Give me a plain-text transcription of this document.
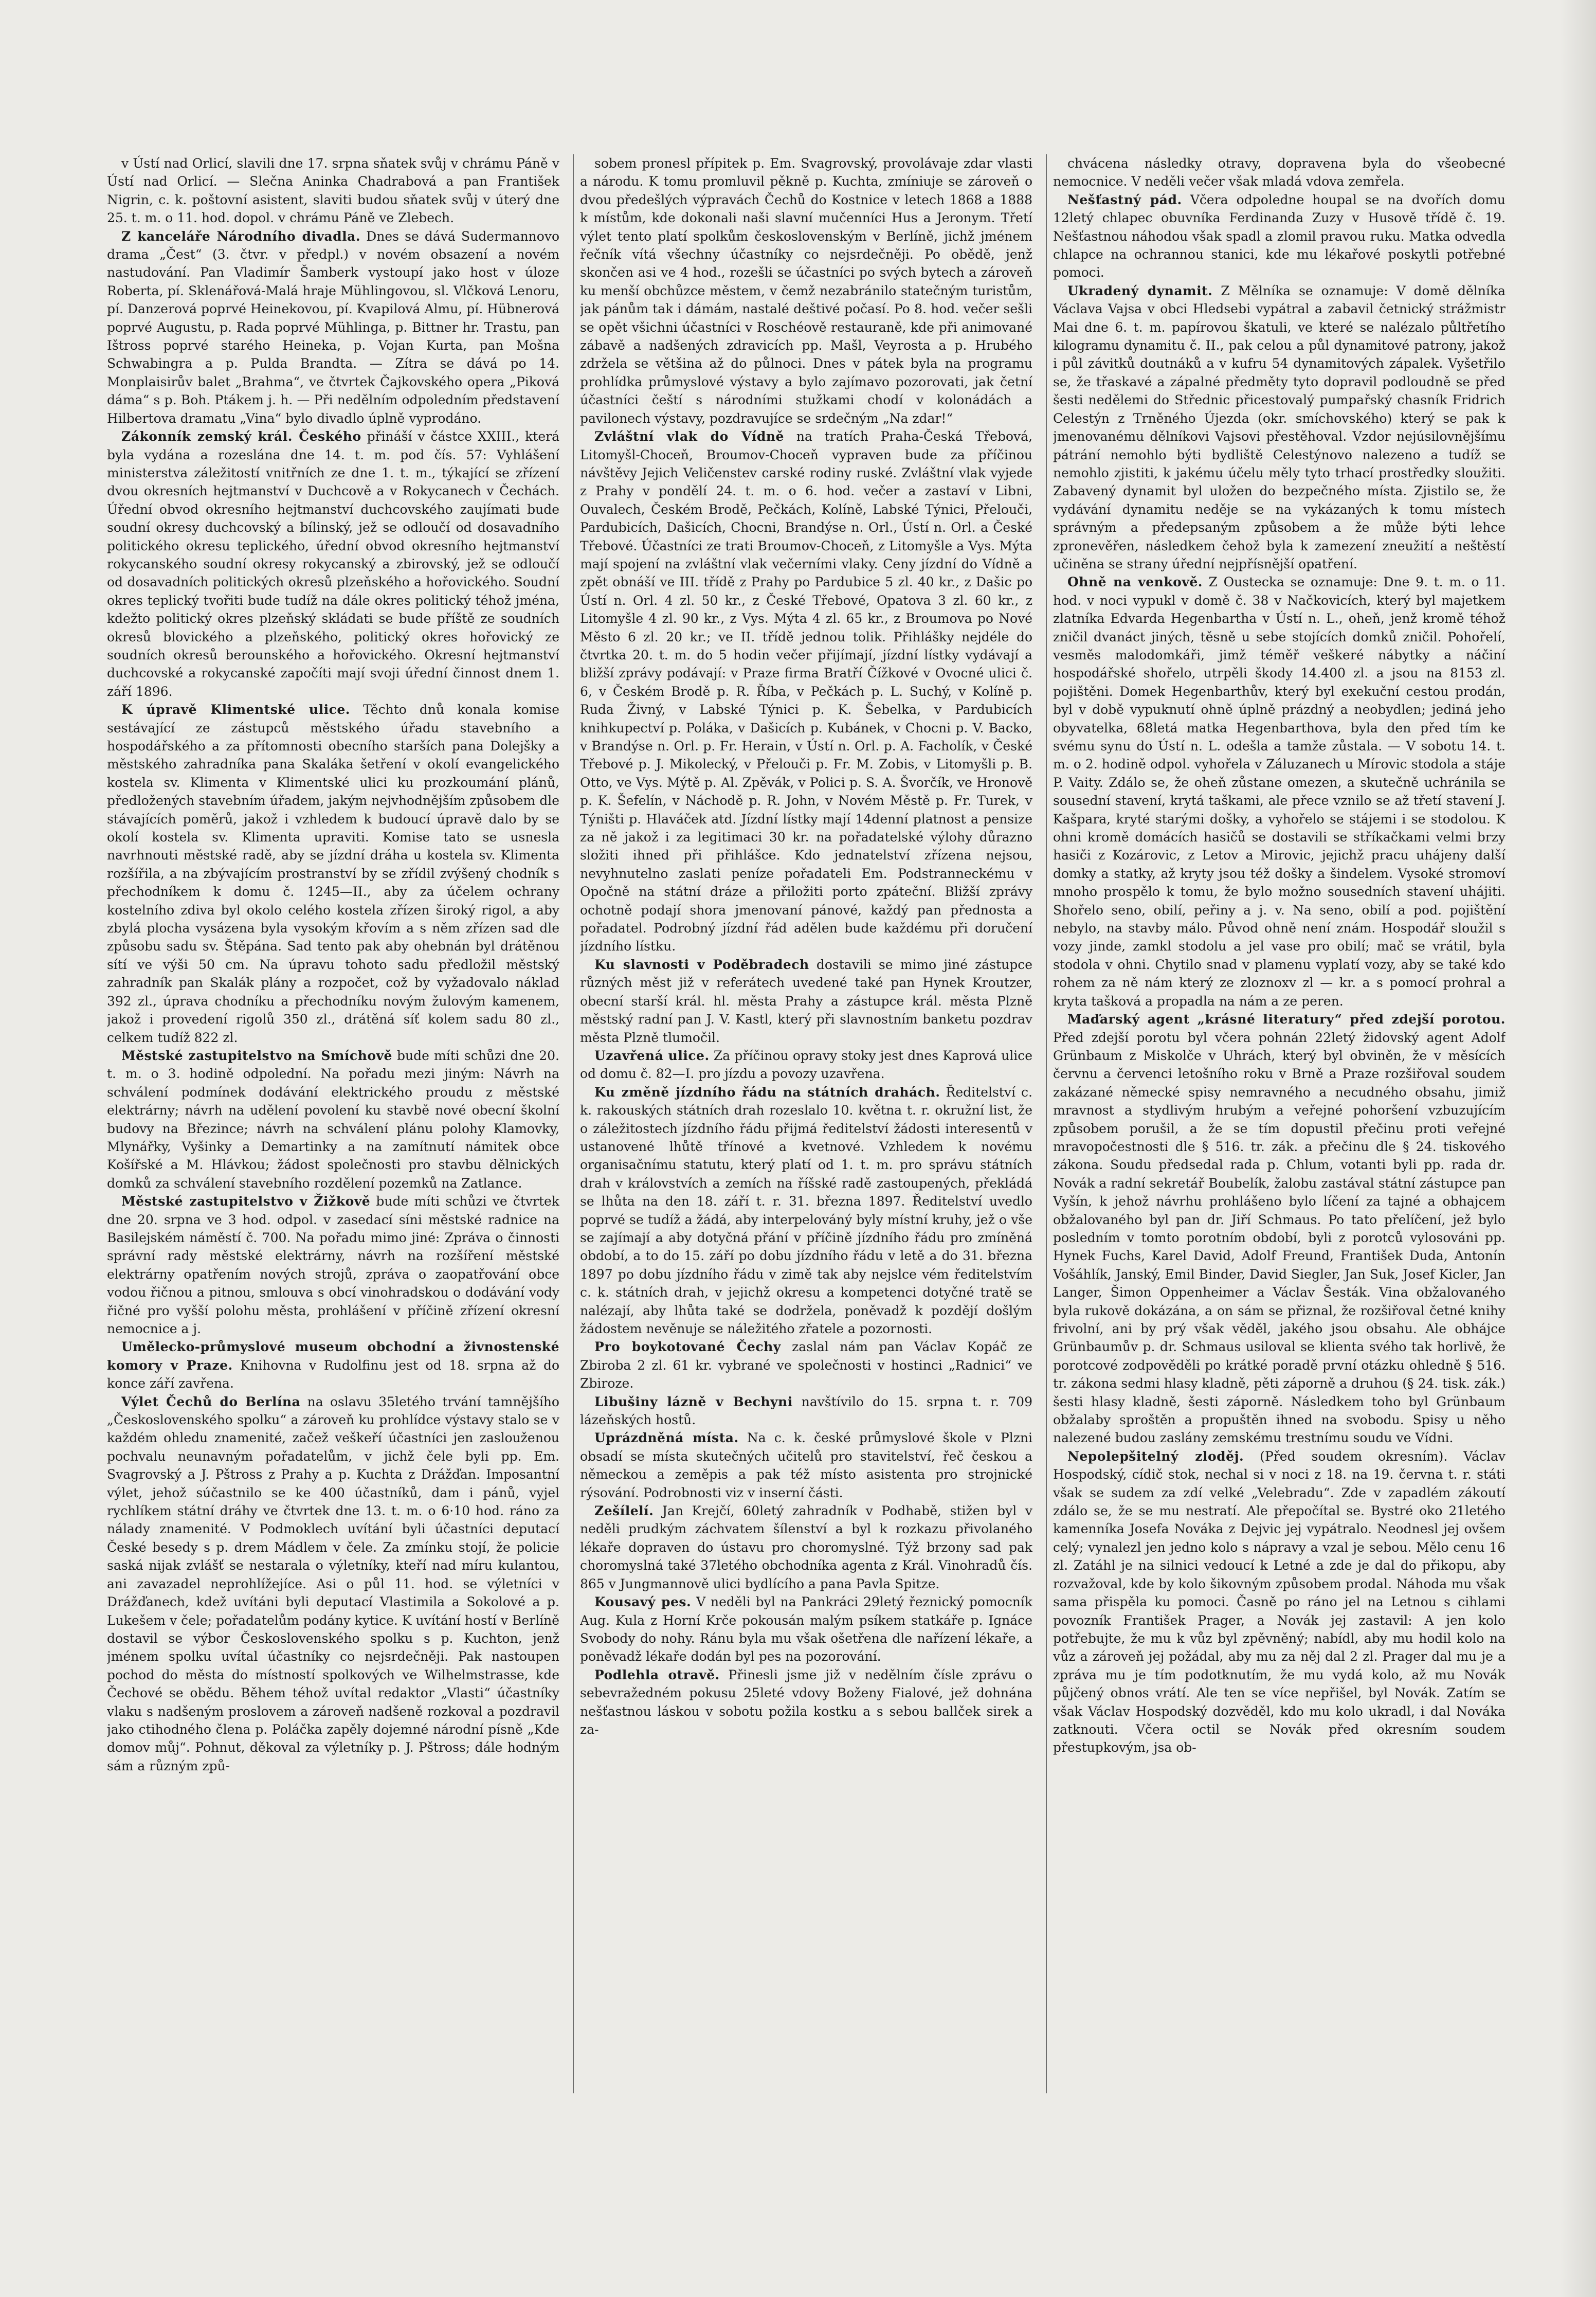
v Ústí nad Orlicí, slavili dne 17. srpna sňatek svůj v chrámu Páně v Ústí nad Orlicí. — Slečna Aninka Chadrabová a pan František Nigrin, c. k. poštovní asistent, slaviti budou sňatek svůj v úterý dne 25. t. m. o 11. hod. dopol. v chrámu Páně ve Zlebech.

Z kanceláře Národního divadla. Dnes se dává Sudermannovo drama „Čest“ (3. čtvr. v předpl.) v novém obsazení a novém nastudování. Pan Vladimír Šamberk vystoupí jako host v úloze Roberta, pí. Sklenářová-Malá hraje Mühlingovou, sl. Vlčková Lenoru, pí. Danzerová poprvé Heinekovou, pí. Kvapilová Almu, pí. Hübnerová poprvé Augustu, p. Rada poprvé Mühlinga, p. Bittner hr. Trastu, pan Ištross poprvé starého Heineka, p. Vojan Kurta, pan Mošna Schwabingra a p. Pulda Brandta. — Zítra se dává po 14. Monplaisirův balet „Brahma“, ve čtvrtek Čajkovského opera „Piková dáma“ s p. Boh. Ptákem j. h. — Při nedělním odpoledním představení Hilbertova dramatu „Vina“ bylo divadlo úplně vyprodáno.

Zákonník zemský král. Českého přináší v částce XXIII., která byla vydána a rozeslána dne 14. t. m. pod čís. 57: Vyhlášení ministerstva záležitostí vnitřních ze dne 1. t. m., týkající se zřízení dvou okresních hejtmanství v Duchcově a v Rokycanech v Čechách. Úřední obvod okresního hejtmanství duchcovského zaujímati bude soudní okresy duchcovský a bílinský, jež se odloučí od dosavadního politického okresu teplického, úřední obvod okresního hejtmanství rokycanského soudní okresy rokycanský a zbirovský, jež se odloučí od dosavadních politických okresů plzeňského a hořovického. Soudní okres teplický tvořiti bude tudíž na dále okres politický téhož jména, kdežto politický okres plzeňský skládati se bude příště ze soudních okresů blovického a plzeňského, politický okres hořovický ze soudních okresů berounského a hořovického. Okresní hejtmanství duchcovské a rokycanské započíti mají svoji úřední činnost dnem 1. září 1896.

K úpravě Klimentské ulice. Těchto dnů konala komise sestávající ze zástupců městského úřadu stavebního a hospodářského a za přítomnosti obecního starších pana Dolejšky a městského zahradníka pana Skalákа šetření v okolí evangelického kostela sv. Klimenta v Klimentské ulici ku prozkoumání plánů, předložených stavebním úřadem, jakým nejvhodnějším způsobem dle stávajících poměrů, jakož i vzhledem k budoucí úpravě dalo by se okolí kostela sv. Klimenta upraviti. Komise tato se usnesla navrhnouti městské radě, aby se jízdní dráha u kostela sv. Klimenta rozšířila, a na zbývajícím prostranství by se zřídil zvýšený chodník s přechodníkem k domu č. 1245—II., aby za účelem ochrany kostelního zdiva byl okolo celého kostela zřízen široký rigol, a aby zbylá plocha vysázena byla vysokým křovím a s něm zřízen sad dle způsobu sadu sv. Štěpána. Sad tento pak aby ohebnán byl drátěnou sítí ve výši 50 cm. Na úpravu tohoto sadu předložil městský zahradník pan Skalák plány a rozpočet, což by vyžadovalo náklad 392 zl., úprava chodníku a přechodníku novým žulovým kamenem, jakož i provedení rigolů 350 zl., drátěná síť kolem sadu 80 zl., celkem tudíž 822 zl.

Městské zastupitelstvo na Smíchově bude míti schůzi dne 20. t. m. o 3. hodině odpolední. Na pořadu mezi jiným: Návrh na schválení podmínek dodávání elektrického proudu z městské elektrárny; návrh na udělení povolení ku stavbě nové obecní školní budovy na Březince; návrh na schválení plánu polohy Klamovky, Mlynářky, Vyšinky a Demartinky a na zamítnutí námitek obce Košířské a M. Hlávkou; žádost společnosti pro stavbu dělnických domků za schválení stavebního rozdělení pozemků na Zatlance.

Městské zastupitelstvo v Žižkově bude míti schůzi ve čtvrtek dne 20. srpna ve 3 hod. odpol. v zasedací síni městské radnice na Basilejském náměstí č. 700. Na pořadu mimo jiné: Zpráva o činnosti správní rady městské elektrárny, návrh na rozšíření městské elektrárny opatřením nových strojů, zpráva o zaopatřování obce vodou řičnou a pitnou, smlouva s obcí vinohradskou o dodávání vody řičné pro vyšší polohu města, prohlášení v příčině zřízení okresní nemocnice a j.

Umělecko-průmyslové museum obchodní a živnostenské komory v Praze. Knihovna v Rudolfinu jest od 18. srpna až do konce září zavřena.

Výlet Čechů do Berlína na oslavu 35letého trvání tamnějšího „Československého spolku“ a zároveň ku prohlídce výstavy stalo se v každém ohledu znamenité, začež veškeří účastníci jen zaslouženou pochvalu neunavným pořadatelům, v jichž čele byli pp. Em. Svagrovský a J. Pštross z Prahy a p. Kuchta z Drážďan. Imposantní výlet, jehož súčastnilo se ke 400 účastníků, dam i pánů, vyjel rychlíkem státní dráhy ve čtvrtek dne 13. t. m. o 6·10 hod. ráno za nálady znamenité. V Podmoklech uvítání byli účastníci deputací České besedy s p. drem Mádlem v čele. Za zmínku stojí, že policie saská nijak zvlášť se nestarala o výletníky, kteří nad míru kulantou, ani zavazadel neprohlížejíce. Asi o půl 11. hod. se výletníci v Drážďanech, kdež uvítáni byli deputací Vlastimila a Sokolové a p. Lukešem v čele; pořadatelům podány kytice. K uvítání hostí v Berlíně dostavil se výbor Československého spolku s p. Kuchton, jenž jménem spolku uvítal účastníky co nejsrdečněji. Pak nastoupen pochod do města do místností spolkových ve Wilhelmstrasse, kde Čechové se obědu. Během téhož uvítal redaktor „Vlasti“ účastníky vlaku s nadšeným proslovem a zároveň nadšeně rozkoval a pozdravil jako ctihodného člena p. Poláčka zapěly dojemné národní písně „Kde domov můj“. Pohnut, děkoval za výletníky p. J. Pštross; dále hodným sám a různým způ-

sobem pronesl přípitek p. Em. Svagrovský, provolávaje zdar vlasti a národu. K tomu promluvil pěkně p. Kuchta, zmíniuje se zároveň o dvou předešlých výpravách Čechů do Kostnice v letech 1868 a 1888 k místům, kde dokonali naši slavní mučenníci Hus a Jeronym. Třetí výlet tento platí spolkům československým v Berlíně, jichž jménem řečník vítá všechny účastníky co nejsrdečněji. Po obědě, jenž skončen asi ve 4 hod., rozešli se účastníci po svých bytech a zároveň ku menší obchůzce městem, v čemž nezabránilo statečným turistům, jak pánům tak i dámám, nastalé deštivé počasí. Po 8. hod. večer sešli se opět všichni účastníci v Roschéově restauraně, kde při animované zábavě a nadšených zdravicích pp. Mašl, Veyrosta a p. Hrubého zdržela se většina až do půlnoci. Dnes v pátek byla na programu prohlídka průmyslové výstavy a bylo zajímavo pozorovati, jak četní účastníci čeští s národními stužkami chodí v kolonádách a pavilonech výstavy, pozdravujíce se srdečným „Na zdar!“

Zvláštní vlak do Vídně na tratích Praha-Česká Třebová, Litomyšl-Choceň, Broumov-Choceň vypraven bude za příčinou návštěvy Jejich Veličenstev carské rodiny ruské. Zvláštní vlak vyjede z Prahy v pondělí 24. t. m. o 6. hod. večer a zastaví v Libni, Ouvalech, Českém Brodě, Pečkách, Kolíně, Labské Týnici, Přelouči, Pardubicích, Dašicích, Chocni, Brandýse n. Orl., Ústí n. Orl. a České Třebové. Účastníci ze trati Broumov-Choceň, z Litomyšle a Vys. Mýta mají spojení na zvláštní vlak večerními vlaky. Ceny jízdní do Vídně a zpět obnáší ve III. třídě z Prahy po Pardubice 5 zl. 40 kr., z Dašic po Ústí n. Orl. 4 zl. 50 kr., z České Třebové, Opatova 3 zl. 60 kr., z Litomyšle 4 zl. 90 kr., z Vys. Mýta 4 zl. 65 kr., z Broumova po Nové Město 6 zl. 20 kr.; ve II. třídě jednou tolik. Přihlášky nejdéle do čtvrtka 20. t. m. do 5 hodin večer přijímají, jízdní lístky vydávají a bližší zprávy podávají: v Praze firma Bratří Čížkové v Ovocné ulici č. 6, v Českém Brodě p. R. Říba, v Pečkách p. L. Suchý, v Kolíně p. Ruda Živný, v Labské Týnici p. K. Šebelka, v Pardubicích knihkupectví p. Poláka, v Dašicích p. Kubánek, v Chocni p. V. Backo, v Brandýse n. Orl. p. Fr. Herain, v Ústí n. Orl. p. A. Facholík, v České Třebové p. J. Mikolecký, v Přelouči p. Fr. M. Zobis, v Litomyšli p. B. Otto, ve Vys. Mýtě p. Al. Zpěvák, v Polici p. S. A. Švorčík, ve Hronově p. K. Šefelín, v Náchodě p. R. John, v Novém Městě p. Fr. Turek, v Týništi p. Hlaváček atd. Jízdní lístky mají 14denní platnost a pensize za ně jakož i za legitimaci 30 kr. na pořadatelské výlohy důrazno složiti ihned při přihlášce. Kdo jednatelství zřízena nejsou, nevyhnutelno zaslati peníze pořadateli Em. Podstranneckému v Opočně na státní dráze a přiložiti porto zpáteční. Bližší zprávy ochotně podají shora jmenovaní pánové, každý pan přednosta a pořadatel. Podrobný jízdní řád adělen bude každému při doručení jízdního lístku.

Ku slavnosti v Poděbradech dostavili se mimo jiné zástupce různých měst již v referátech uvedené také pan Hynek Kroutzer, obecní starší král. hl. města Prahy a zástupce král. města Plzně městský radní pan J. V. Kastl, který při slavnostním banketu pozdrav města Plzně tlumočil.

Uzavřená ulice. Za příčinou opravy stoky jest dnes Kaprová ulice od domu č. 82—I. pro jízdu a povozy uzavřena.

Ku změně jízdního řádu na státních drahách. Ředitelství c. k. rakouských státních drah rozeslalo 10. května t. r. okružní list, že o záležitostech jízdního řádu přijmá ředitelství žádosti interesentů v ustanovené lhůtě třínové a kvetnové. Vzhledem k novému organisačnímu statutu, který platí od 1. t. m. pro správu státních drah v královstvích a zemích na říšské radě zastoupených, překládá se lhůta na den 18. září t. r. 31. března 1897. Ředitelství uvedlo poprvé se tudíž a žádá, aby interpelováný byly místní kruhy, jež o vše se zajímají a aby dotyčná přání v příčině jízdního řádu pro zmíněná období, a to do 15. září po dobu jízdního řádu v letě a do 31. března 1897 po dobu jízdního řádu v zimě tak aby nejslce vém ředitelstvím c. k. státních drah, v jejichž okresu a kompetenci dotyčné tratě se nalézají, aby lhůta také se dodržela, poněvadž k pozdějí došlým žádostem nevěnuje se náležitého zřatele a pozornosti.

Pro boykotované Čechy zaslal nám pan Václav Kopáč ze Zbiroba 2 zl. 61 kr. vybrané ve společnosti v hostinci „Radnici“ ve Zbiroze.

Libušiny lázně v Bechyni navštívilo do 15. srpna t. r. 709 lázeňských hostů.

Uprázdněná místa. Na c. k. české průmyslové škole v Plzni obsadí se místa skutečných učitelů pro stavitelství, řeč českou a německou a zeměpis a pak též místo asistenta pro strojnické rýsování. Podrobnosti viz v inserní části.

Zešílelí. Jan Krejčí, 60letý zahradník v Podhabě, stižen byl v neděli prudkým záchvatem šílenství a byl k rozkazu přivolaného lékaře dopraven do ústavu pro choromyslné. Týž brzony sad pak choromyslná také 37letého obchodníka agenta z Král. Vinohradů čís. 865 v Jungmannově ulici bydlícího a pana Pavla Spitze.

Kousavý pes. V neděli byl na Pankráci 29letý řeznický pomocník Aug. Kula z Horní Krče pokousán malým psíkem statkáře p. Ignáce Svobody do nohy. Ránu byla mu však ošetřena dle nařízení lékaře, a poněvadž lékaře dodán byl pes na pozorování.

Podlehla otravě. Přinesli jsme již v nedělním čísle zprávu o sebevražedném pokusu 25leté vdovy Boženy Fialové, jež dohnána nešťastnou láskou v sobotu požila kostku a s sebou ballček sirek a za-

chvácena následky otravy, dopravena byla do všeobecné nemocnice. V neděli večer však mladá vdova zemřela.

Nešťastný pád. Včera odpoledne houpal se na dvořích domu 12letý chlapec obuvníka Ferdinanda Zuzy v Husově třídě č. 19. Nešťastnou náhodou však spadl a zlomil pravou ruku. Matka odvedla chlapce na ochrannou stanici, kde mu lékařové poskytli potřebné pomoci.

Ukradený dynamit. Z Mělníka se oznamuje: V domě dělníka Václava Vajsa v obci Hledsebi vypátral a zabavil četnický strážmistr Mai dne 6. t. m. papírovou škatuli, ve které se nalézalo půltřetího kilogramu dynamitu č. II., pak celou a půl dynamitové patrony, jakož i půl závitků doutnáků a v kufru 54 dynamitových zápalek. Vyšetřilo se, že třaskavé a zápalné předměty tyto dopravil podloudně se před šesti nedělemi do Střednic přicestovalý pumpařský chasník Fridrich Celestýn z Trněného Újezda (okr. smíchovského) který se pak k jmenovanému dělníkovi Vajsovi přestěhoval. Vzdor nejúsilovnějšímu pátrání nemohlo býti bydliště Celestýnovo nalezeno a tudíž se nemohlo zjistiti, k jakému účelu měly tyto trhací prostředky sloužiti. Zabavený dynamit byl uložen do bezpečného místa. Zjistilo se, že vydávání dynamitu neděje se na vykázaných k tomu místech správným a předepsaným způsobem a že může býti lehce zpronevěřen, následkem čehož byla k zamezení zneužití a neštěstí učiněna se strany úřední nejpřísnější opatření.

Ohně na venkově. Z Oustecka se oznamuje: Dne 9. t. m. o 11. hod. v noci vypukl v domě č. 38 v Načkovicích, který byl majetkem zlatníka Edvarda Hegenbartha v Ústí n. L., oheň, jenž kromě téhož zničil dvanáct jiných, těsně u sebe stojících domků zničil. Pohořelí, vesměs malodomkáři, jimž téměř veškeré nábytky a náčiní hospodářské shořelo, utrpěli škody 14.400 zl. a jsou na 8153 zl. pojištěni. Domek Hegenbarthův, který byl exekuční cestou prodán, byl v době vypuknutí ohně úplně prázdný a neobydlen; jediná jeho obyvatelka, 68letá matka Hegenbarthova, byla den před tím ke svému synu do Ústí n. L. odešla a tamže zůstala. — V sobotu 14. t. m. o 2. hodině odpol. vyhořela v Záluzanech u Mírovic stodola a stáje P. Vaity. Zdálo se, že oheň zůstane omezen, a skutečně uchránila se sousední stavení, krytá taškami, ale přece vznilo se až třetí stavení J. Kašpara, kryté starými došky, a vyhořelo se stájemi i se stodolou. K ohni kromě domácích hasičů se dostavili se stříkačkami velmi brzy hasiči z Kozárovic, z Letov a Mirovic, jejichž pracu uhájeny další domky a statky, až kryty jsou též došky a šindelem. Vysoké stromoví mnoho prospělo k tomu, že bylo možno sousedních stavení uhájiti. Shořelo seno, obilí, peřiny a j. v. Na seno, obilí a pod. pojištění nebylo, na stavby málo. Původ ohně není znám. Hospodář sloužil s vozy jinde, zamkl stodolu a jel vase pro obilí; mač se vrátil, byla stodola v ohni. Chytilo snad v plamenu vyplatí vozy, aby se také kdo rohem za ně nám který ze zloznoxv zl — kr. a s pomocí prohral a kryta tašková a propadla na nám a ze peren.

Maďarský agent „krásné literatury“ před zdejší porotou. Před zdejší porotu byl včera pohnán 22letý židovský agent Adolf Grünbaum z Miskolče v Uhrách, který byl obviněn, že v měsících červnu a červenci letošního roku v Brně a Praze rozšiřoval soudem zakázané německé spisy nemravného a necudného obsahu, jimiž mravnost a stydlivým hrubým a veřejné pohoršení vzbuzujícím způsobem porušil, a že se tím dopustil přečinu proti veřejné mravopočestnosti dle § 516. tr. zák. a přečinu dle § 24. tiskového zákona. Soudu předsedal rada p. Chlum, votanti byli pp. rada dr. Novák a radní sekretář Boubelík, žalobu zastával státní zástupce pan Vyšín, k jehož návrhu prohlášeno bylo líčení za tajné a obhajcem obžalovaného byl pan dr. Jiří Schmaus. Po tato přelíčení, jež bylo posledním v tomto porotním období, byli z porotců vylosováni pp. Hynek Fuchs, Karel David, Adolf Freund, František Duda, Antonín Vošáhlík, Janský, Emil Binder, David Siegler, Jan Suk, Josef Kicler, Jan Langer, Šimon Oppenheimer a Václav Šesták. Vina obžalovaného byla rukově dokázána, a on sám se přiznal, že rozšiřoval četné knihy frivolní, ani by prý však věděl, jakého jsou obsahu. Ale obhájce Grünbaumův p. dr. Schmaus usiloval se klienta svého tak horlivě, že porotcové zodpověděli po krátké poradě první otázku ohledně § 516. tr. zákona sedmi hlasy kladně, pěti záporně a druhou (§ 24. tisk. zák.) šesti hlasy kladně, šesti záporně. Následkem toho byl Grünbaum obžalaby sproštěn a propuštěn ihned na svobodu. Spisy u něho nalezené budou zaslány zemskému trestnímu soudu ve Vídni.

Nepolepšitelný zloděj. (Před soudem okresním). Václav Hospodský, cídič stok, nechal si v noci z 18. na 19. června t. r. státi však se sudem za zdí velké „Velebradu“. Zde v zapadlém zákoutí zdálo se, že se mu nestratí. Ale přepočítal se. Bystré oko 21letého kamenníka Josefa Nováka z Dejvic jej vypátralo. Neodnesl jej ovšem celý; vynalezl jen jedno kolo s nápravy a vzal je sebou. Mělo cenu 16 zl. Zatáhl je na silnici vedoucí k Letné a zde je dal do přikopu, aby rozvažoval, kde by kolo šikovným způsobem prodal. Náhoda mu však sama přispěla ku pomoci. Časně po ráno jel na Letnou s cihlami povozník František Prager, a Novák jej zastavil: A jen kolo potřebujte, že mu k vůz byl zpěvněný; nabídl, aby mu hodil kolo na vůz a zároveň jej požádal, aby mu za něj dal 2 zl. Prager dal mu je a zpráva mu je tím podotknutím, že mu vydá kolo, až mu Novák půjčený obnos vrátí. Ale ten se více nepřišel, byl Novák. Zatím se však Václav Hospodský dozvěděl, kdo mu kolo ukradl, i dal Nováka zatknouti. Včera octil se Novák před okresním soudem přestupkovým, jsa ob-
